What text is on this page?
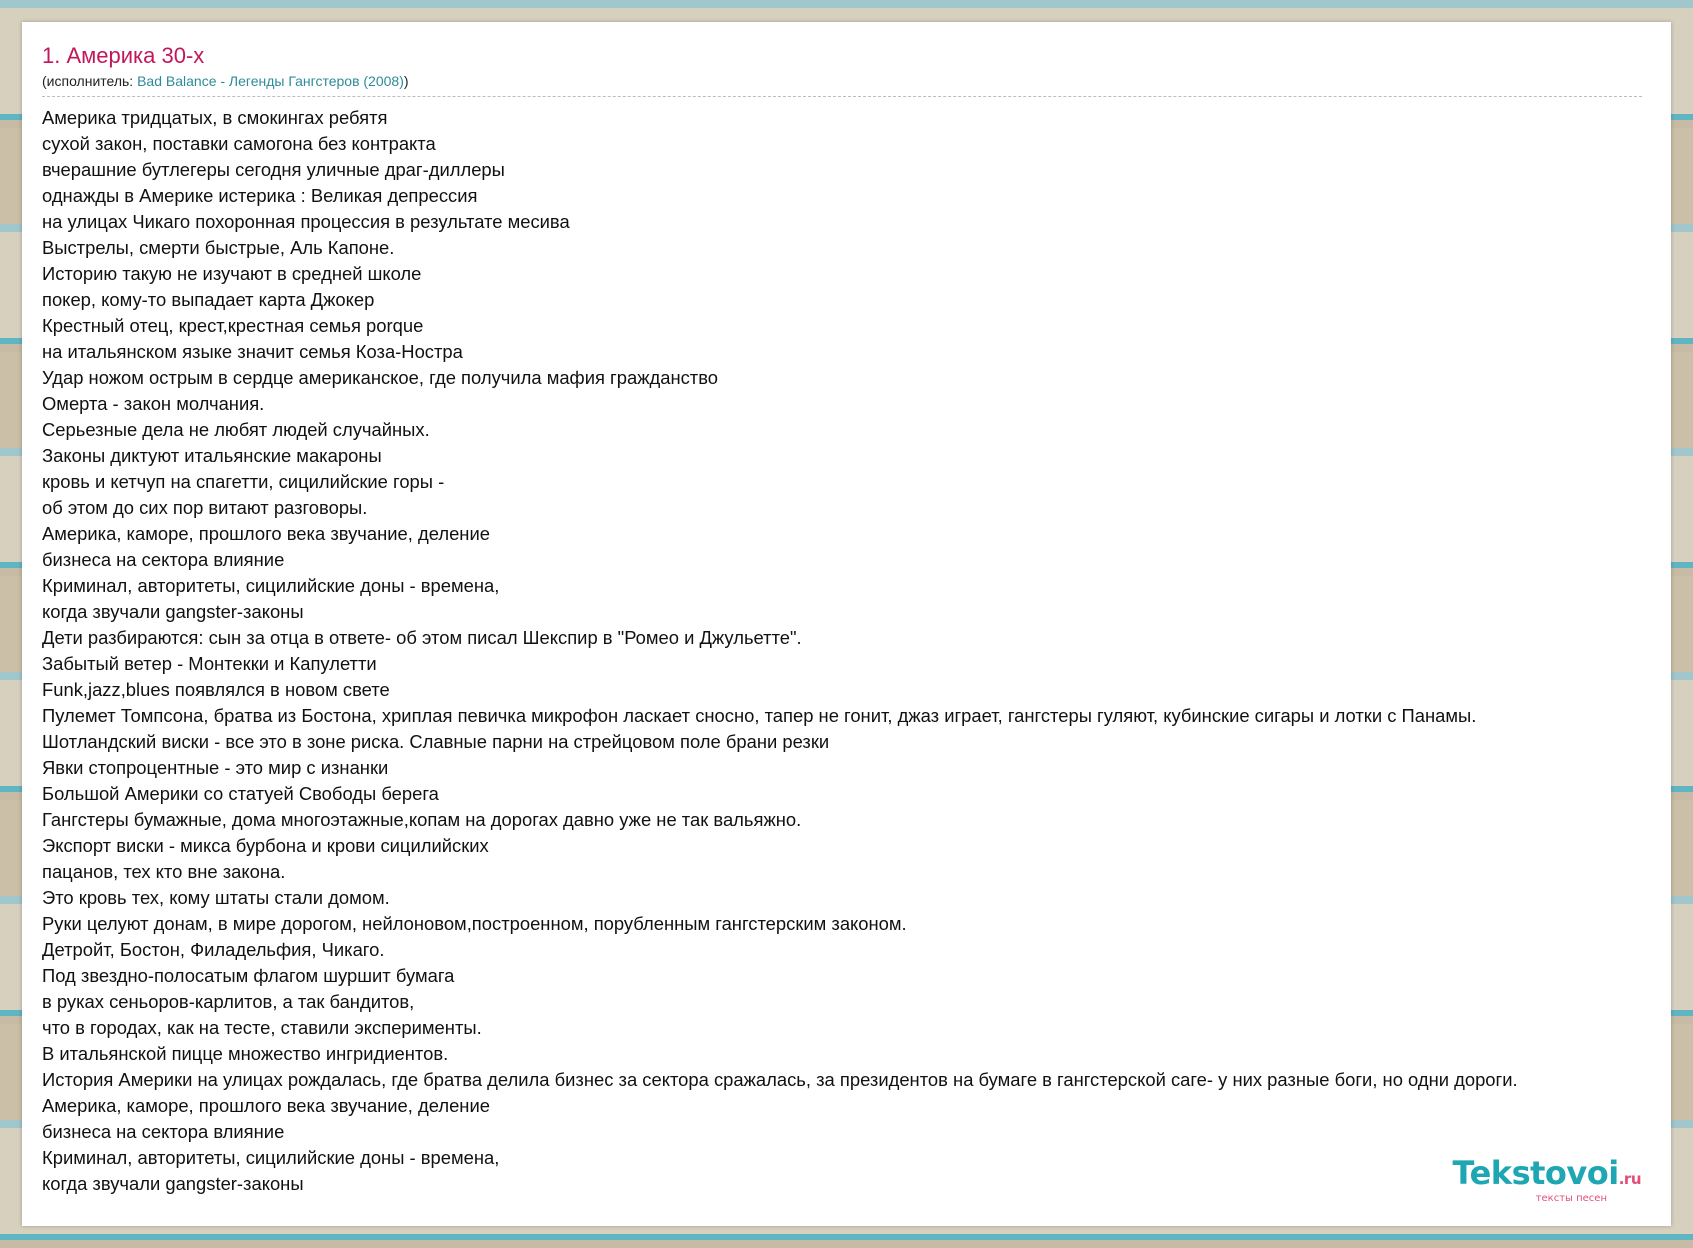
1. Америка 30-х
(исполнитель: Bad Balance - Легенды Гангстеров (2008))
Америка тридцатых, в смокингах ребятя
сухой закон, поставки самогона без контракта
вчерашние бутлегеры сегодня уличные драг-диллеры
однажды в Америке истерика : Великая депрессия
на улицах Чикаго похоронная процессия в результате месива
Выстрелы, смерти быстрые, Аль Капоне.
Историю такую не изучают в средней школе
покер, кому-то выпадает карта Джокер
Крестный отец, крест,крестная семья porque
на итальянском языке значит семья Коза-Ностра
Удар ножом острым в сердце американское, где получила мафия гражданство
Омерта - закон молчания.
Серьезные дела не любят людей случайных.
Законы диктуют итальянские макароны
кровь и кетчуп на спагетти, сицилийские горы -
об этом до сих пор витают разговоры.
Америка, каморе, прошлого века звучание, деление
бизнеса на сектора влияние
Криминал, авторитеты, сицилийские доны - времена,
когда звучали gangster-законы
Дети разбираются: сын за отца в ответе- об этом писал Шекспир в "Ромео и Джульетте".
Забытый ветер - Монтекки и Капулетти
Funk,jazz,blues появлялся в новом свете
Пулемет Томпсона, братва из Бостона, хриплая певичка микрофон ласкает сносно, тапер не гонит, джаз играет, гангстеры гуляют, кубинские сигары и лотки с Панамы.
Шотландский виски - все это в зоне риска. Славные парни на стрейцовом поле брани резки
Явки стопроцентные - это мир с изнанки
Большой Америки со статуей Свободы берега
Гангстеры бумажные, дома многоэтажные,копам на дорогах давно уже не так вальяжно.
Экспорт виски - микса бурбона и крови сицилийских
пацанов, тех кто вне закона.
Это кровь тех, кому штаты стали домом.
Руки целуют донам, в мире дорогом, нейлоновом,построенном, порубленным гангстерским законом.
Детройт, Бостон, Филадельфия, Чикаго.
Под звездно-полосатым флагом шуршит бумага
в руках сеньоров-карлитов, а так бандитов,
что в городах, как на тесте, ставили эксперименты.
В итальянской пицце множество ингридиентов.
История Америки на улицах рождалась, где братва делила бизнес за сектора сражалась, за президентов на бумаге в гангстерской саге- у них разные боги, но одни дороги.
Америка, каморе, прошлого века звучание, деление
бизнеса на сектора влияние
Криминал, авторитеты, сицилийские доны - времена,
когда звучали gangster-законы	Tekstovoi.ru
тексты песен
